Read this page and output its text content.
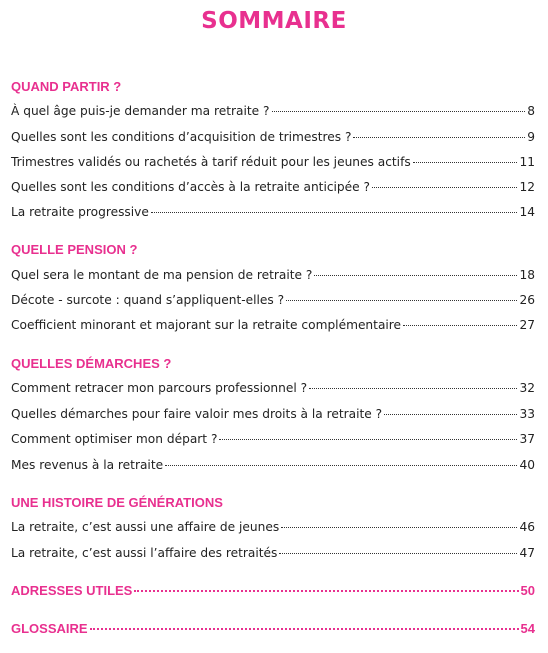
SOMMAIRE
QUAND PARTIR ?
À quel âge puis-je demander ma retraite ?	8
Quelles sont les conditions d’acquisition de trimestres ?	9
Trimestres validés ou rachetés à tarif réduit pour les jeunes actifs	11
Quelles sont les conditions d’accès à la retraite anticipée ?	12
La retraite progressive	14
QUELLE PENSION ?
Quel sera le montant de ma pension de retraite ?	18
Décote - surcote : quand s’appliquent-elles ?	26
Coefficient minorant et majorant sur la retraite complémentaire	27
QUELLES DÉMARCHES ?
Comment retracer mon parcours professionnel ?	32
Quelles démarches pour faire valoir mes droits à la retraite ?	33
Comment optimiser mon départ ?	37
Mes revenus à la retraite	40
UNE HISTOIRE DE GÉNÉRATIONS
La retraite, c’est aussi une affaire de jeunes	46
La retraite, c’est aussi l’affaire des retraités	47
ADRESSES UTILES	50
GLOSSAIRE	54
